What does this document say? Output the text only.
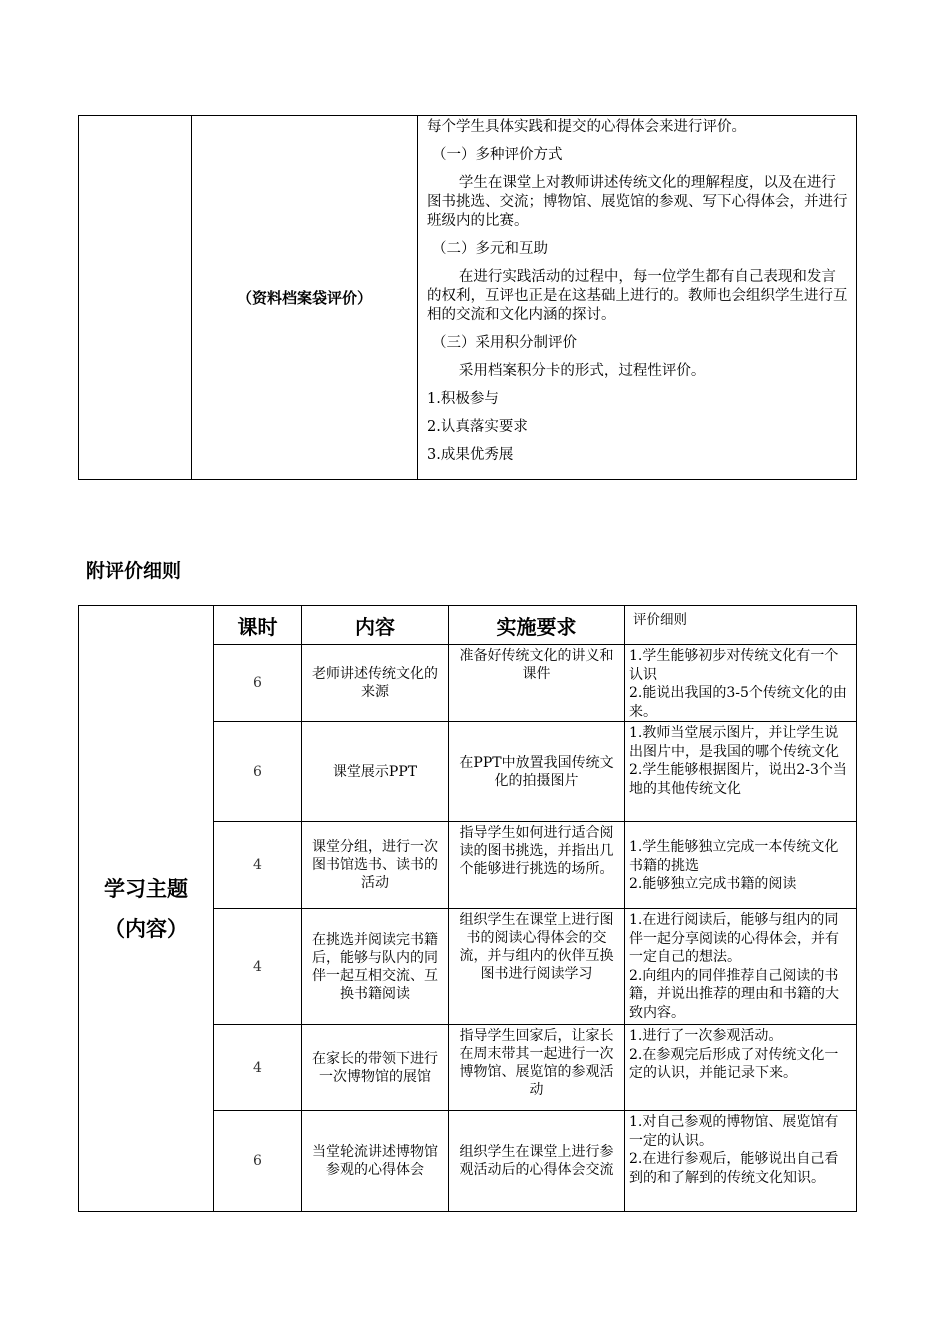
	（资料档案袋评价）	

每个学生具体实践和提交的心得体会来进行评价。

（一）多种评价方式

学生在课堂上对教师讲述传统文化的理解程度，以及在进行图书挑选、交流；博物馆、展览馆的参观、写下心得体会，并进行班级内的比赛。

（二）多元和互助

在进行实践活动的过程中，每一位学生都有自己表现和发言的权利，互评也正是在这基础上进行的。教师也会组织学生进行互相的交流和文化内涵的探讨。

（三）采用积分制评价

采用档案积分卡的形式，过程性评价。

1.积极参与

2.认真落实要求

3.成果优秀展

附评价细则
学习主题
（内容）	课时	内容	实施要求	评价细则
	6	老师讲述传统文化的来源	准备好传统文化的讲义和课件	1.学生能够初步对传统文化有一个认识

2.能说出我国的3-5个传统文化的由来。

	6	课堂展示PPT	在PPT中放置我国传统文化的拍摄图片	1.教师当堂展示图片，并让学生说出图片中，是我国的哪个传统文化

2.学生能够根据图片，说出2-3个当地的其他传统文化

	4	课堂分组，进行一次图书馆选书、读书的活动	指导学生如何进行适合阅读的图书挑选，并指出几个能够进行挑选的场所。	1.学生能够独立完成一本传统文化书籍的挑选

2.能够独立完成书籍的阅读

	4	在挑选并阅读完书籍后，能够与队内的同伴一起互相交流、互换书籍阅读	组织学生在课堂上进行图书的阅读心得体会的交流，并与组内的伙伴互换图书进行阅读学习	1.在进行阅读后，能够与组内的同伴一起分享阅读的心得体会，并有一定自己的想法。

2.向组内的同伴推荐自己阅读的书籍，并说出推荐的理由和书籍的大致内容。

	4	在家长的带领下进行一次博物馆的展馆	指导学生回家后，让家长在周末带其一起进行一次博物馆、展览馆的参观活动	1.进行了一次参观活动。

2.在参观完后形成了对传统文化一定的认识，并能记录下来。

	6	当堂轮流讲述博物馆参观的心得体会	组织学生在课堂上进行参观活动后的心得体会交流	1.对自己参观的博物馆、展览馆有一定的认识。

2.在进行参观后，能够说出自己看到的和了解到的传统文化知识。
